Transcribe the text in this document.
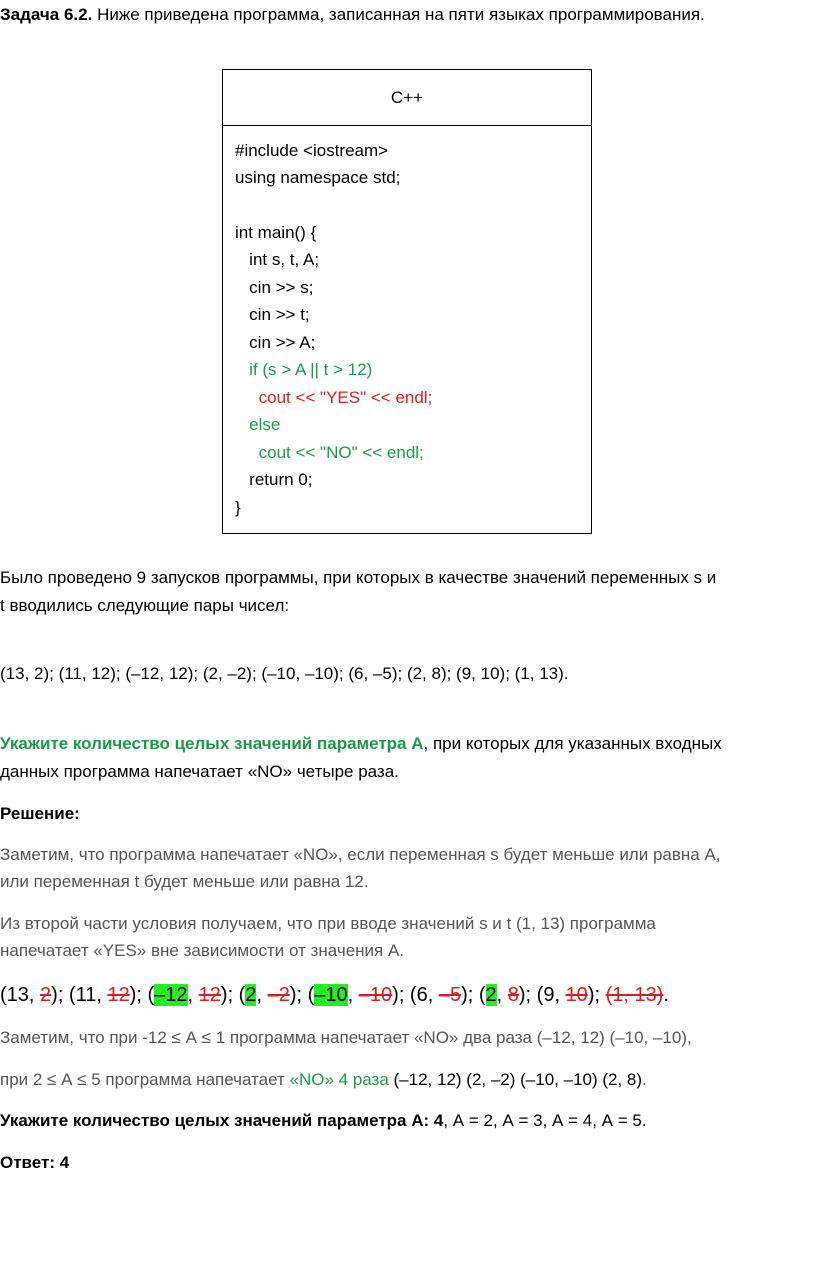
Задача 6.2. Ниже приведена программа, записанная на пяти языках программирования.
C++
#include <iostream>
using namespace std;
int main() {
int s, t, A;
cin >> s;
cin >> t;
cin >> A;
if (s > A || t > 12)
cout << "YES" << endl;
else
cout << "NO" << endl;
return 0;
}
Было проведено 9 запусков программы, при которых в качестве значений переменных s и
t вводились следующие пары чисел:
(13, 2); (11, 12); (–12, 12); (2, –2); (–10, –10); (6, –5); (2, 8); (9, 10); (1, 13).
Укажите количество целых значений параметра А, при которых для указанных входных
данных программа напечатает «NO» четыре раза.
Решение:
Заметим, что программа напечатает «NO», если переменная s будет меньше или равна А,
или переменная t будет меньше или равна 12.
Из второй части условия получаем, что при вводе значений s и t (1, 13) программа
напечатает «YES» вне зависимости от значения А.
(13, 2); (11, 12); (–12, 12); (2, –2); (–10, –10); (6, –5); (2, 8); (9, 10); (1, 13).
Заметим, что при -12 ≤ А ≤ 1 программа напечатает «NO» два раза (–12, 12) (–10, –10),
при 2 ≤ А ≤ 5 программа напечатает «NO» 4 раза (–12, 12) (2, –2) (–10, –10) (2, 8).
Укажите количество целых значений параметра А: 4, А = 2, А = 3, А = 4, А = 5.
Ответ: 4
